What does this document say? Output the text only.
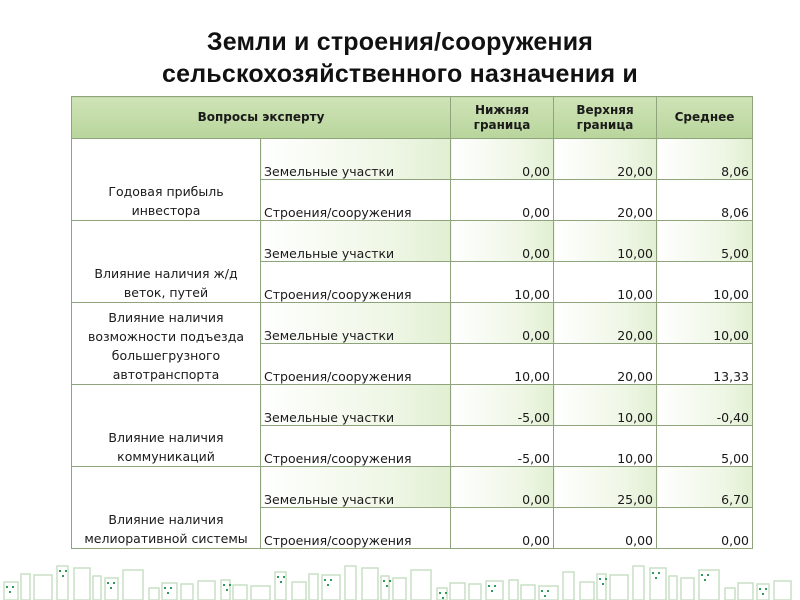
Земли и строения/сооружения
сельскохозяйственного назначения и
Вопросы эксперту		Нижняя граница	Верхняя граница	Среднее
Годовая прибыль инвестора	Земельные участки	0,00	20,00	8,06
	Строения/сооружения	0,00	20,00	8,06
Влияние наличия ж/д веток, путей	Земельные участки	0,00	10,00	5,00
	Строения/сооружения	10,00	10,00	10,00
Влияние наличия возможности подъезда большегрузного автотранспорта	Земельные участки	0,00	20,00	10,00
	Строения/сооружения	10,00	20,00	13,33
Влияние наличия коммуникаций	Земельные участки	-5,00	10,00	-0,40
	Строения/сооружения	-5,00	10,00	5,00
Влияние наличия мелиоративной системы	Земельные участки	0,00	25,00	6,70
	Строения/сооружения	0,00	0,00	0,00
